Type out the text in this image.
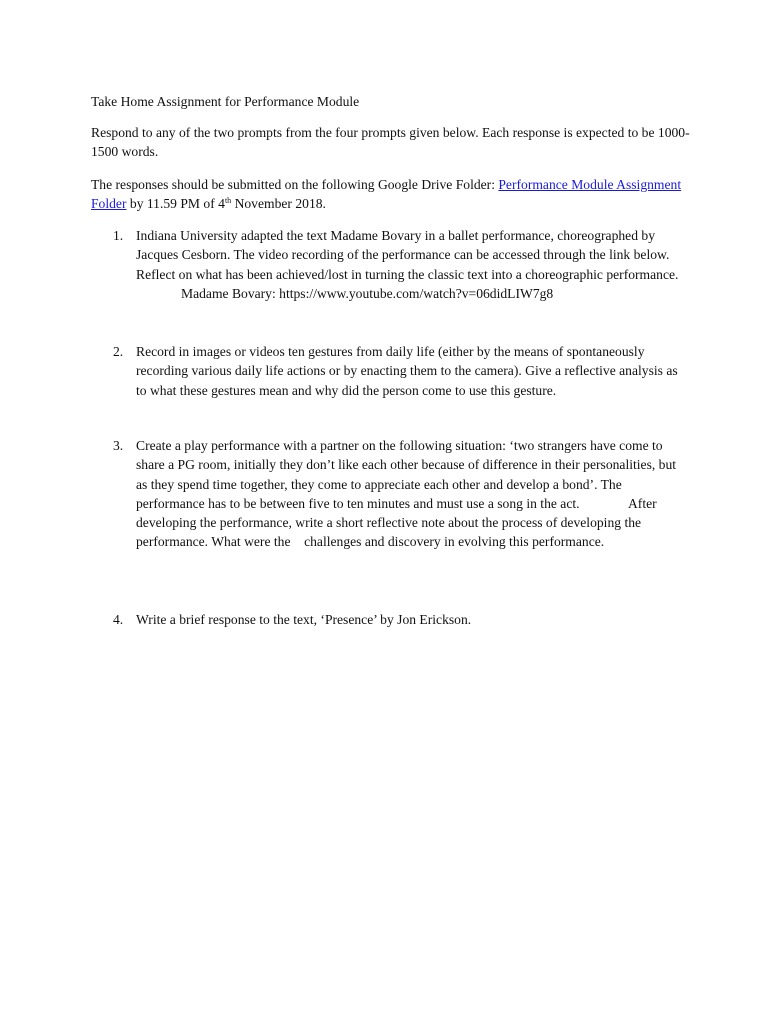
Take Home Assignment for Performance Module
Respond to any of the two prompts from the four prompts given below. Each response is expected to be 1000-1500 words.
The responses should be submitted on the following Google Drive Folder: Performance Module Assignment Folder by 11.59 PM of 4th November 2018.
1. Indiana University adapted the text Madame Bovary in a ballet performance, choreographed by Jacques Cesborn. The video recording of the performance can be accessed through the link below. Reflect on what has been achieved/lost in turning the classic text into a choreographic performance.
Madame Bovary: https://www.youtube.com/watch?v=06didLIW7g8
2. Record in images or videos ten gestures from daily life (either by the means of spontaneously recording various daily life actions or by enacting them to the camera). Give a reflective analysis as to what these gestures mean and why did the person come to use this gesture.
3. Create a play performance with a partner on the following situation: ‘two strangers have come to share a PG room, initially they don’t like each other because of difference in their personalities, but as they spend time together, they come to appreciate each other and develop a bond’. The performance has to be between five to ten minutes and must use a song in the act.	After developing the performance, write a short reflective note about the process of developing the performance. What were the    challenges and discovery in evolving this performance.
4. Write a brief response to the text, ‘Presence’ by Jon Erickson.
